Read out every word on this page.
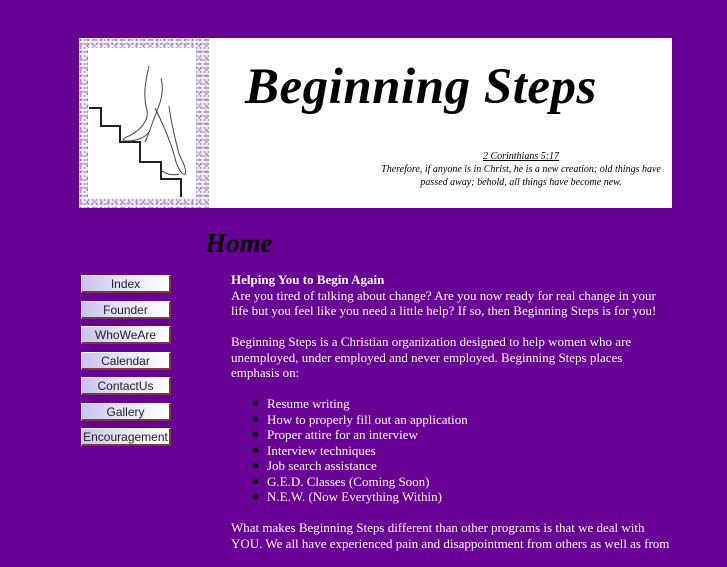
Beginning Steps
2 Corinthians 5:17
Therefore, if anyone is in Christ, he is a new creation; old things have passed away; behold, all things have become new.
Home
Index
Founder
WhoWeAre
Calendar
ContactUs
Gallery
Encouragement

Helping You to Begin Again
Are you tired of talking about change? Are you now ready for real change in your life but you feel like you need a little help? If so, then Beginning Steps is for you!

Beginning Steps is a Christian organization designed to help women who are unemployed, under employed and never employed. Beginning Steps places emphasis on:

Resume writing
How to properly fill out an application
Proper attire for an interview
Interview techniques
Job search assistance
G.E.D. Classes (Coming Soon)
N.E.W. (Now Everything Within)

What makes Beginning Steps different than other programs is that we deal with YOU. We all have experienced pain and disappointment from others as well as from
